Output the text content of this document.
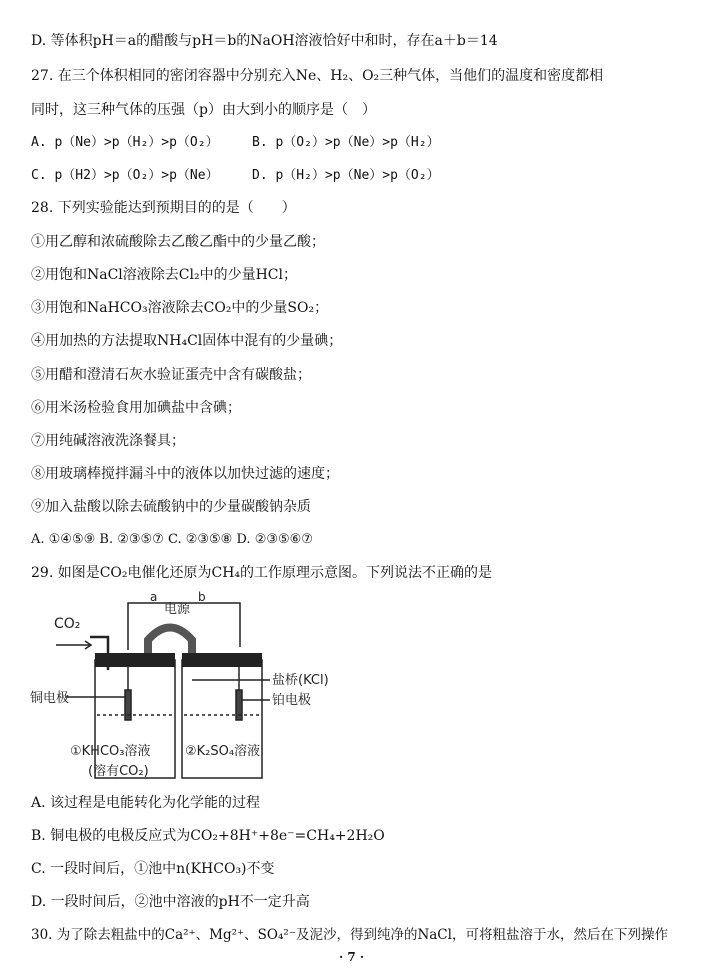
D. 等体积pH＝a的醋酸与pH＝b的NaOH溶液恰好中和时，存在a＋b＝14
27. 在三个体积相同的密闭容器中分别充入Ne、H₂、O₂三种气体，当他们的温度和密度都相
同时，这三种气体的压强（p）由大到小的顺序是（　）
A. p（Ne）>p（H₂）>p（O₂）	B. p（O₂）>p（Ne）>p（H₂）
C. p（H2）>p（O₂）>p（Ne）	D. p（H₂）>p（Ne）>p（O₂）
28. 下列实验能达到预期目的的是（　　）
①用乙醇和浓硫酸除去乙酸乙酯中的少量乙酸；
②用饱和NaCl溶液除去Cl₂中的少量HCl；
③用饱和NaHCO₃溶液除去CO₂中的少量SO₂；
④用加热的方法提取NH₄Cl固体中混有的少量碘；
⑤用醋和澄清石灰水验证蛋壳中含有碳酸盐；
⑥用米汤检验食用加碘盐中含碘；
⑦用纯碱溶液洗涤餐具；
⑧用玻璃棒搅拌漏斗中的液体以加快过滤的速度；
⑨加入盐酸以除去硫酸钠中的少量碳酸钠杂质
A. ①④⑤⑨ B. ②③⑤⑦ C. ②③⑤⑧ D. ②③⑤⑥⑦
29. 如图是CO₂电催化还原为CH₄的工作原理示意图。下列说法不正确的是
CO₂
a	b
电源
盐桥(KCl)
铜电极	铂电极
①KHCO₃溶液
(溶有CO₂)
②K₂SO₄溶液
A. 该过程是电能转化为化学能的过程
B. 铜电极的电极反应式为CO₂+8H⁺+8e⁻=CH₄+2H₂O
C. 一段时间后，①池中n(KHCO₃)不变
D. 一段时间后，②池中溶液的pH不一定升高
30. 为了除去粗盐中的Ca²⁺、Mg²⁺、SO₄²⁻及泥沙，得到纯净的NaCl，可将粗盐溶于水，然后在下列操作
· 7 ·
